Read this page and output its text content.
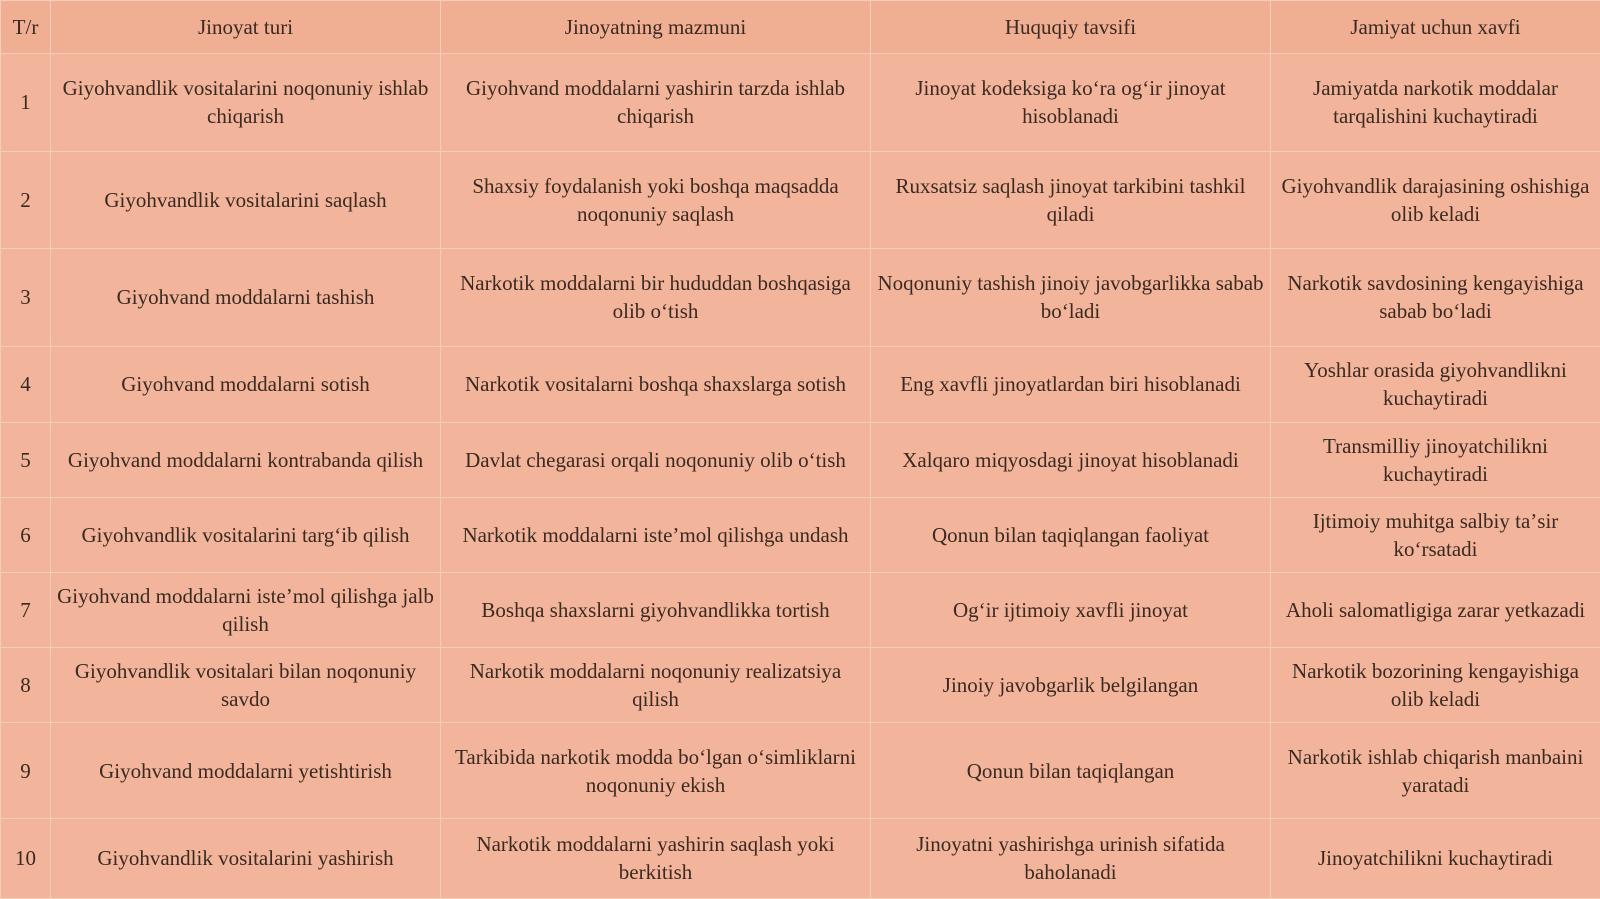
T/r	Jinoyat turi	Jinoyatning mazmuni	Huquqiy tavsifi	Jamiyat uchun xavfi
1	Giyohvandlik vositalarini noqonuniy ishlab chiqarish	Giyohvand moddalarni yashirin tarzda ishlab chiqarish	Jinoyat kodeksiga koʻra ogʻir jinoyat hisoblanadi	Jamiyatda narkotik moddalar tarqalishini kuchaytiradi
2	Giyohvandlik vositalarini saqlash	Shaxsiy foydalanish yoki boshqa maqsadda noqonuniy saqlash	Ruxsatsiz saqlash jinoyat tarkibini tashkil qiladi	Giyohvandlik darajasining oshishiga olib keladi
3	Giyohvand moddalarni tashish	Narkotik moddalarni bir hududdan boshqasiga olib oʻtish	Noqonuniy tashish jinoiy javobgarlikka sabab boʻladi	Narkotik savdosining kengayishiga sabab boʻladi
4	Giyohvand moddalarni sotish	Narkotik vositalarni boshqa shaxslarga sotish	Eng xavfli jinoyatlardan biri hisoblanadi	Yoshlar orasida giyohvandlikni kuchaytiradi
5	Giyohvand moddalarni kontrabanda qilish	Davlat chegarasi orqali noqonuniy olib oʻtish	Xalqaro miqyosdagi jinoyat hisoblanadi	Transmilliy jinoyatchilikni kuchaytiradi
6	Giyohvandlik vositalarini targʻib qilish	Narkotik moddalarni isteʼmol qilishga undash	Qonun bilan taqiqlangan faoliyat	Ijtimoiy muhitga salbiy taʼsir koʻrsatadi
7	Giyohvand moddalarni isteʼmol qilishga jalb qilish	Boshqa shaxslarni giyohvandlikka tortish	Ogʻir ijtimoiy xavfli jinoyat	Aholi salomatligiga zarar yetkazadi
8	Giyohvandlik vositalari bilan noqonuniy savdo	Narkotik moddalarni noqonuniy realizatsiya qilish	Jinoiy javobgarlik belgilangan	Narkotik bozorining kengayishiga olib keladi
9	Giyohvand moddalarni yetishtirish	Tarkibida narkotik modda boʻlgan oʻsimliklarni noqonuniy ekish	Qonun bilan taqiqlangan	Narkotik ishlab chiqarish manbaini yaratadi
10	Giyohvandlik vositalarini yashirish	Narkotik moddalarni yashirin saqlash yoki berkitish	Jinoyatni yashirishga urinish sifatida baholanadi	Jinoyatchilikni kuchaytiradi
